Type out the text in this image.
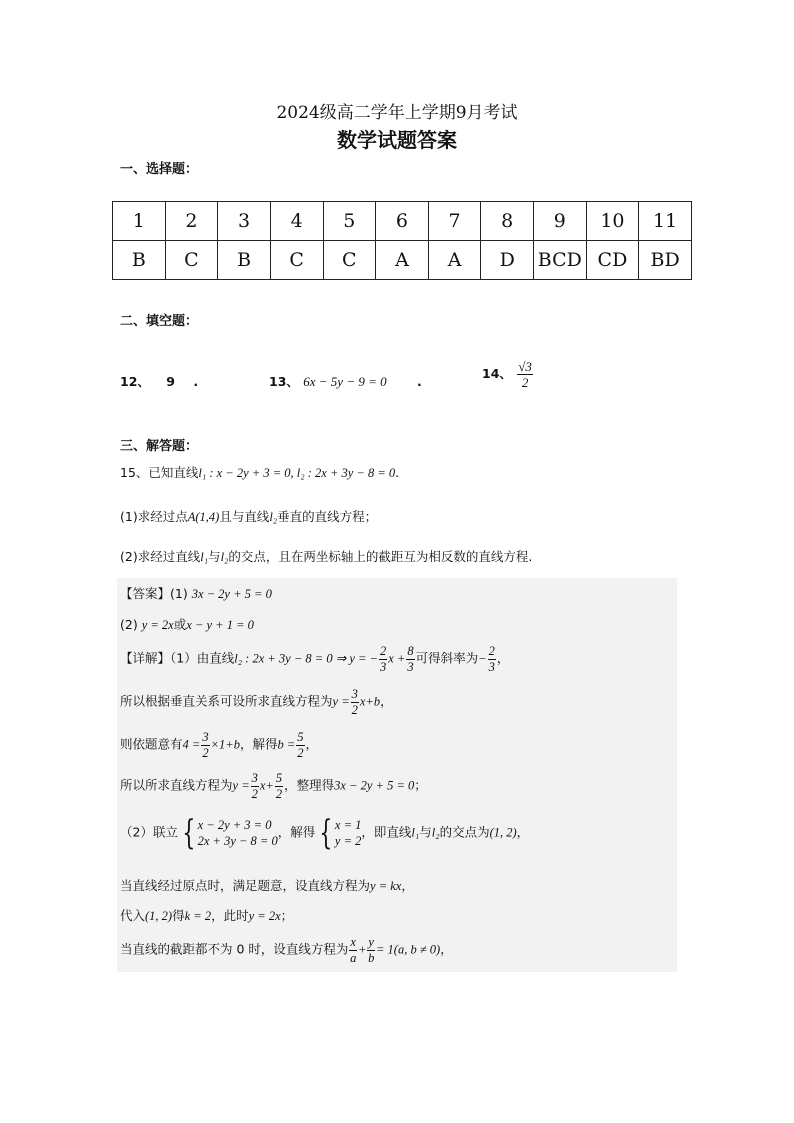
2024级高二学年上学期9月考试
数学试题答案
一、选择题：
1	2	3	4	5	6	7	8	9	10	11
B	C	B	C	C	A	A	D	BCD	CD	BD
二、填空题：
12、 9 .	13、 6x − 5y − 9 = 0 .
14、 $\frac{√3}{2}$
三、解答题：
15、已知直线l₁ : x − 2y + 3 = 0, l₂ : 2x + 3y − 8 = 0.
(1)求经过点A(1,4)且与直线l₂垂直的直线方程；
(2)求经过直线l₁与l₂的交点，且在两坐标轴上的截距互为相反数的直线方程.
【答案】(1) 3x − 2y + 5 = 0
(2) y = 2x或x − y + 1 = 0
【详解】（1）由直线l₂ : 2x + 3y − 8 = 0 ⇒ y = − $\frac{2}{3}$ $x + \frac{8}{3}$ 可得斜率为− $\frac{2}{3}$ ，
所以根据垂直关系可设所求直线方程为$y = \frac{3}{2} x+b$，
则依题意有$4 = \frac{3}{2} \times 1+b$，解得$b = \frac{5}{2}$ ，
所以所求直线方程为$y = \frac{3}{2} x+ \frac{5}{2}$ ，整理得3x − 2y + 5 = 0；
（2）联立 { x − 2y + 3 = 0
2x + 3y − 8 = 0
，解得 { x = 1
y = 2
，即直线l₁与l₂的交点为(1, 2)，
当直线经过原点时，满足题意，设直线方程为y = kx，
代入(1, 2)得k = 2，此时y = 2x；
当直线的截距都不为 0 时，设直线方程为 $\frac{x}{a} + \frac{y}{b} = 1(a$, b ≠ 0)，
